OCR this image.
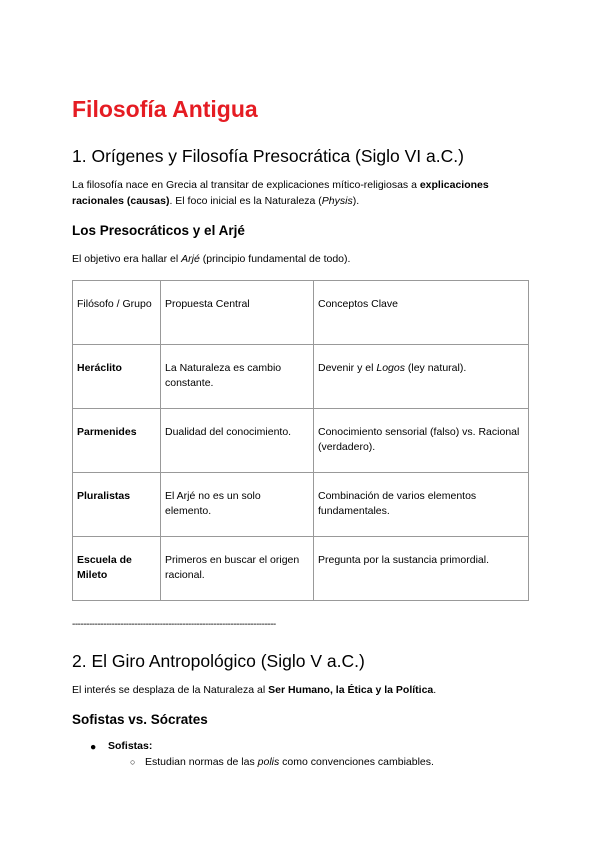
Filosofía Antigua
1. Orígenes y Filosofía Presocrática (Siglo VI a.C.)
La filosofía nace en Grecia al transitar de explicaciones mítico-religiosas a explicaciones
racionales (causas). El foco inicial es la Naturaleza (Physis).
Los Presocráticos y el Arjé
El objetivo era hallar el Arjé (principio fundamental de todo).
Filósofo / Grupo	Propuesta Central	Conceptos Clave
Heráclito	La Naturaleza es cambio constante.	Devenir y el Logos (ley natural).
Parmenides	Dualidad del conocimiento.	Conocimiento sensorial (falso) vs. Racional (verdadero).
Pluralistas	El Arjé no es un solo elemento.	Combinación de varios elementos fundamentales.
Escuela de Mileto	Primeros en buscar el origen racional.	Pregunta por la sustancia primordial.
------------------------------------------------------------------------
2. El Giro Antropológico (Siglo V a.C.)
El interés se desplaza de la Naturaleza al Ser Humano, la Ética y la Política.
Sofistas vs. Sócrates
● Sofistas:
○ Estudian normas de las polis como convenciones cambiables.
